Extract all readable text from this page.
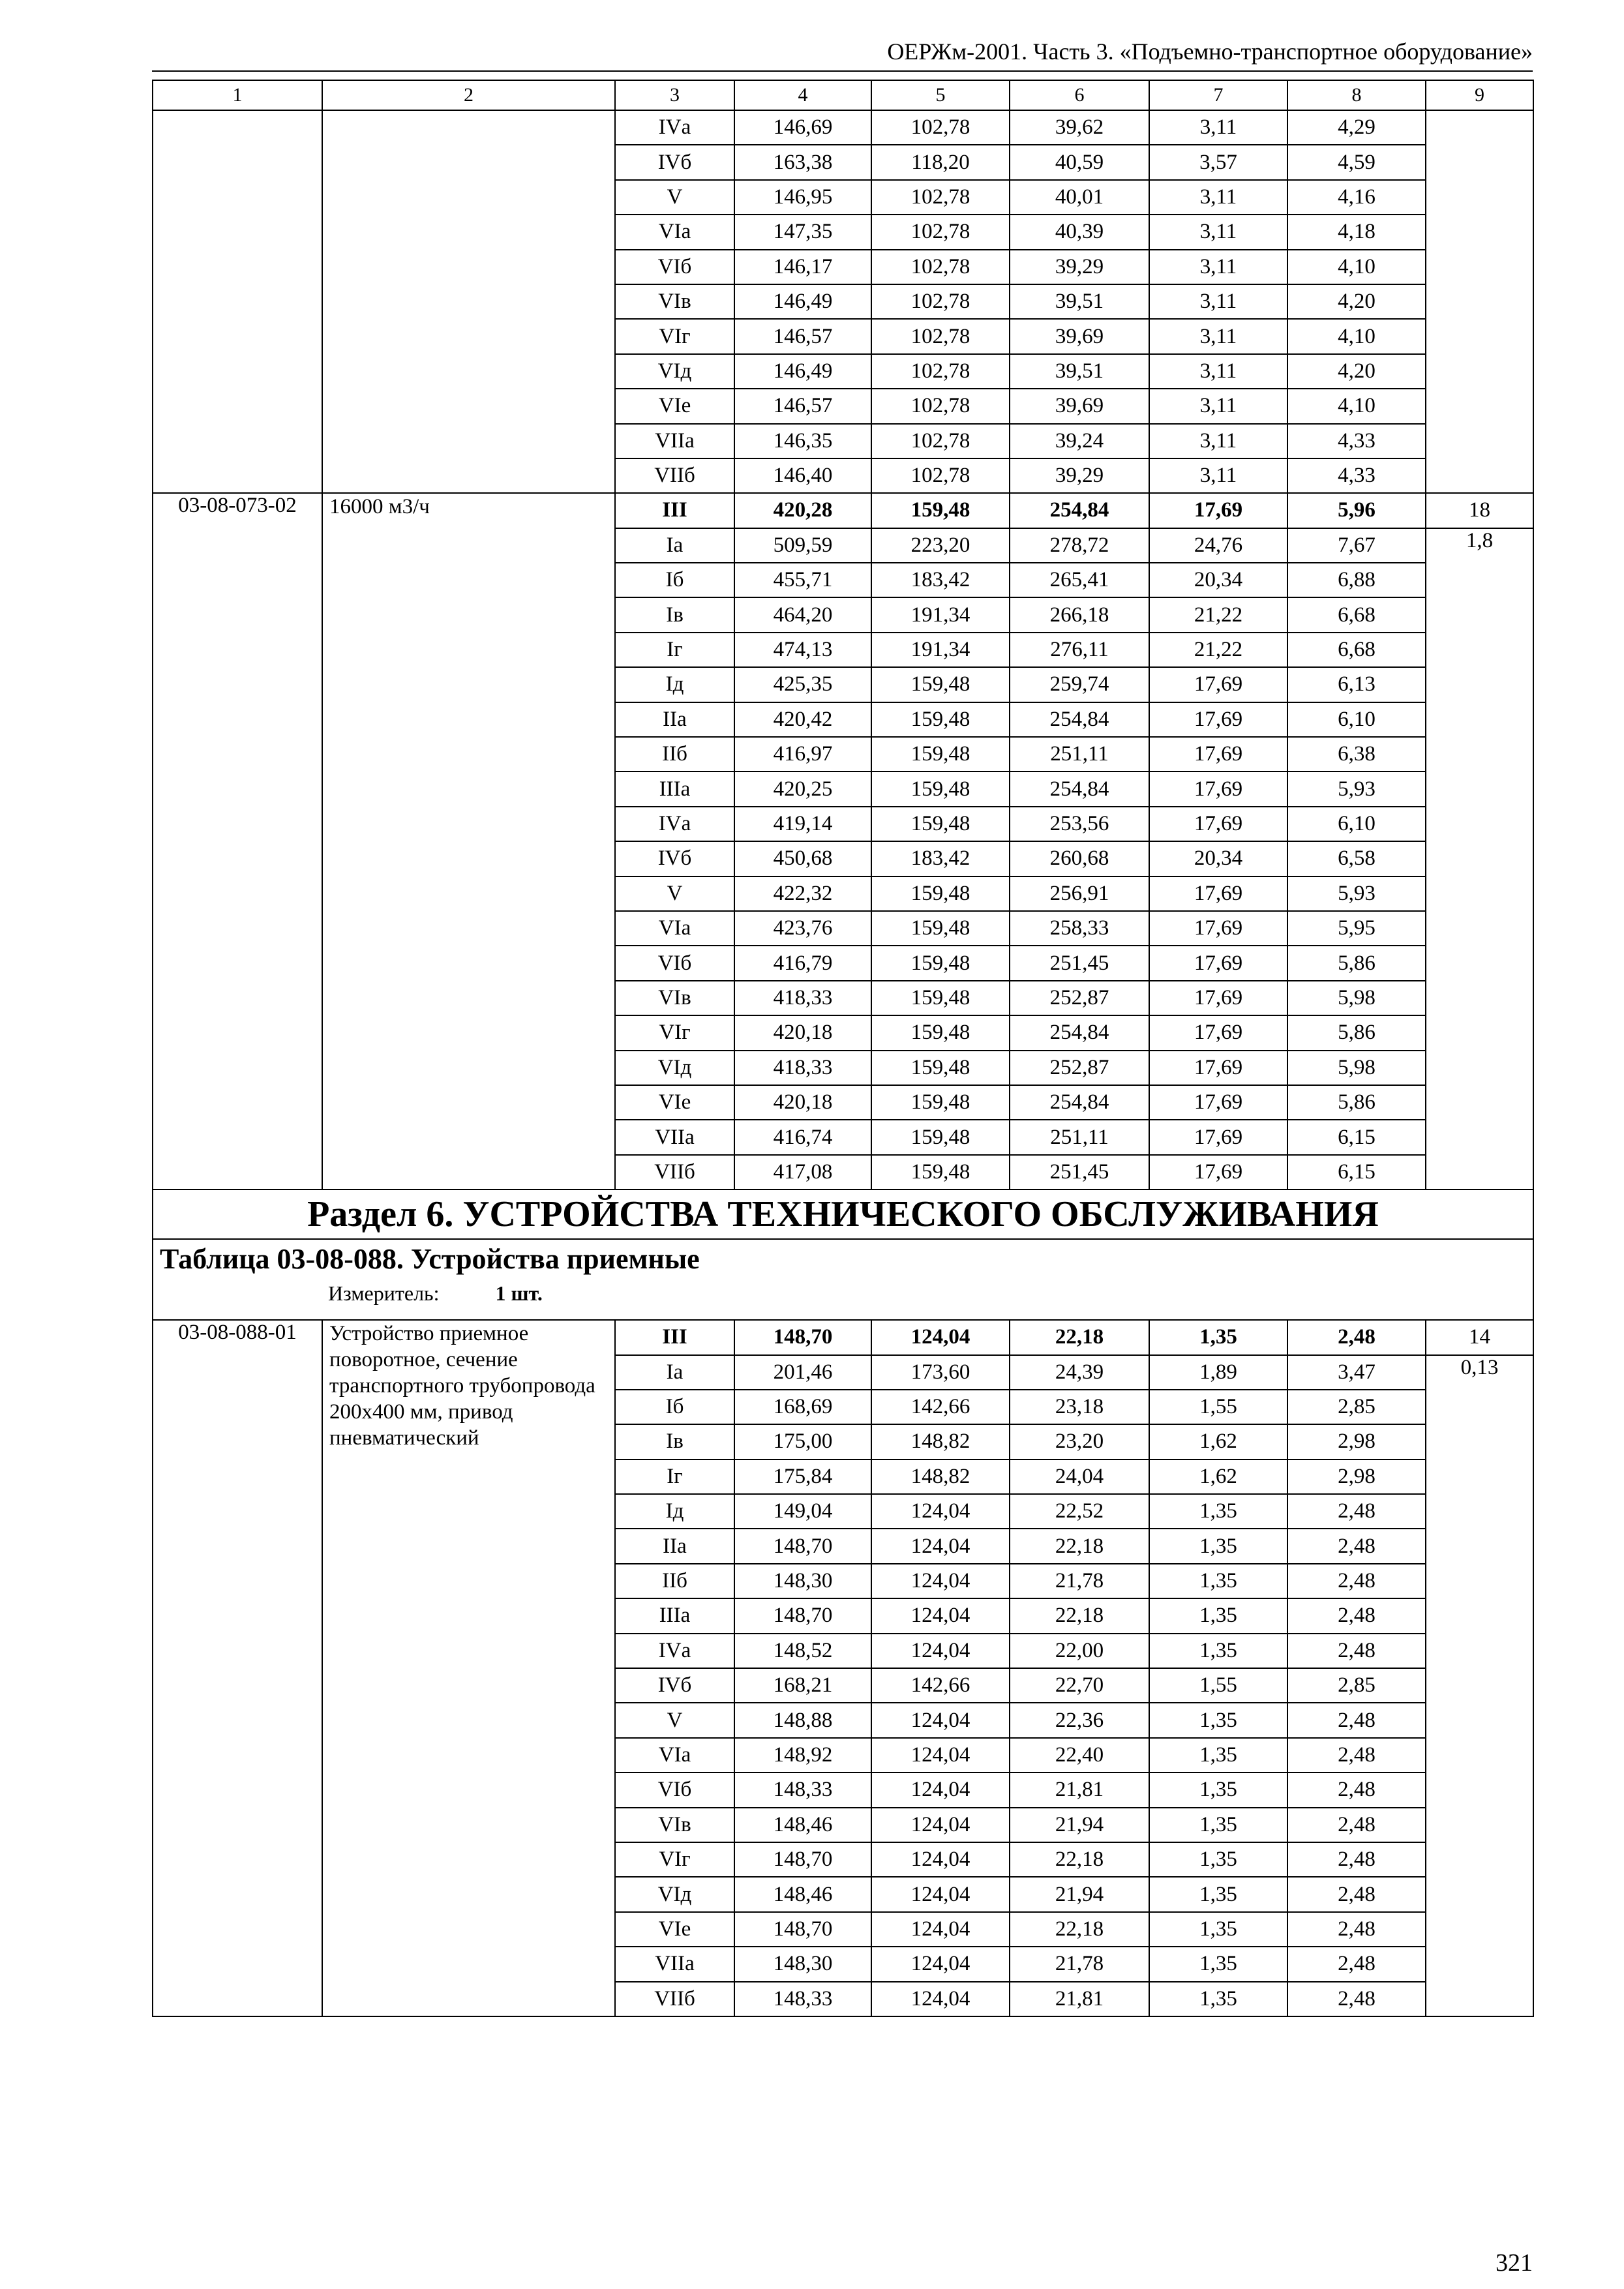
ОЕРЖм-2001. Часть 3. «Подъемно-транспортное оборудование»
1	2	3	4	5	6	7	8	9
		IVа	146,69	102,78	39,62	3,11	4,29	
		IVб	163,38	118,20	40,59	3,57	4,59	
		V	146,95	102,78	40,01	3,11	4,16	
		VIа	147,35	102,78	40,39	3,11	4,18	
		VIб	146,17	102,78	39,29	3,11	4,10	
		VIв	146,49	102,78	39,51	3,11	4,20	
		VIг	146,57	102,78	39,69	3,11	4,10	
		VIд	146,49	102,78	39,51	3,11	4,20	
		VIе	146,57	102,78	39,69	3,11	4,10	
		VIIа	146,35	102,78	39,24	3,11	4,33	
		VIIб	146,40	102,78	39,29	3,11	4,33	
03-08-073-02	16000 м3/ч	III	420,28	159,48	254,84	17,69	5,96	18
		Iа	509,59	223,20	278,72	24,76	7,67	1,8
		Iб	455,71	183,42	265,41	20,34	6,88	
		Iв	464,20	191,34	266,18	21,22	6,68	
		Iг	474,13	191,34	276,11	21,22	6,68	
		Iд	425,35	159,48	259,74	17,69	6,13	
		IIа	420,42	159,48	254,84	17,69	6,10	
		IIб	416,97	159,48	251,11	17,69	6,38	
		IIIа	420,25	159,48	254,84	17,69	5,93	
		IVа	419,14	159,48	253,56	17,69	6,10	
		IVб	450,68	183,42	260,68	20,34	6,58	
		V	422,32	159,48	256,91	17,69	5,93	
		VIа	423,76	159,48	258,33	17,69	5,95	
		VIб	416,79	159,48	251,45	17,69	5,86	
		VIв	418,33	159,48	252,87	17,69	5,98	
		VIг	420,18	159,48	254,84	17,69	5,86	
		VIд	418,33	159,48	252,87	17,69	5,98	
		VIе	420,18	159,48	254,84	17,69	5,86	
		VIIа	416,74	159,48	251,11	17,69	6,15	
		VIIб	417,08	159,48	251,45	17,69	6,15	
Раздел 6. УСТРОЙСТВА ТЕХНИЧЕСКОГО ОБСЛУЖИВАНИЯ								

Таблица 03-08-088. Устройства приемные
Измеритель: 1 шт.								

03-08-088-01	Устройство приемное поворотное, сечение транспортного трубопровода 200х400 мм, привод пневматический	III	148,70	124,04	22,18	1,35	2,48	14
		Iа	201,46	173,60	24,39	1,89	3,47	0,13
		Iб	168,69	142,66	23,18	1,55	2,85	
		Iв	175,00	148,82	23,20	1,62	2,98	
		Iг	175,84	148,82	24,04	1,62	2,98	
		Iд	149,04	124,04	22,52	1,35	2,48	
		IIа	148,70	124,04	22,18	1,35	2,48	
		IIб	148,30	124,04	21,78	1,35	2,48	
		IIIа	148,70	124,04	22,18	1,35	2,48	
		IVа	148,52	124,04	22,00	1,35	2,48	
		IVб	168,21	142,66	22,70	1,55	2,85	
		V	148,88	124,04	22,36	1,35	2,48	
		VIа	148,92	124,04	22,40	1,35	2,48	
		VIб	148,33	124,04	21,81	1,35	2,48	
		VIв	148,46	124,04	21,94	1,35	2,48	
		VIг	148,70	124,04	22,18	1,35	2,48	
		VIд	148,46	124,04	21,94	1,35	2,48	
		VIе	148,70	124,04	22,18	1,35	2,48	
		VIIа	148,30	124,04	21,78	1,35	2,48	
		VIIб	148,33	124,04	21,81	1,35	2,48	
321
